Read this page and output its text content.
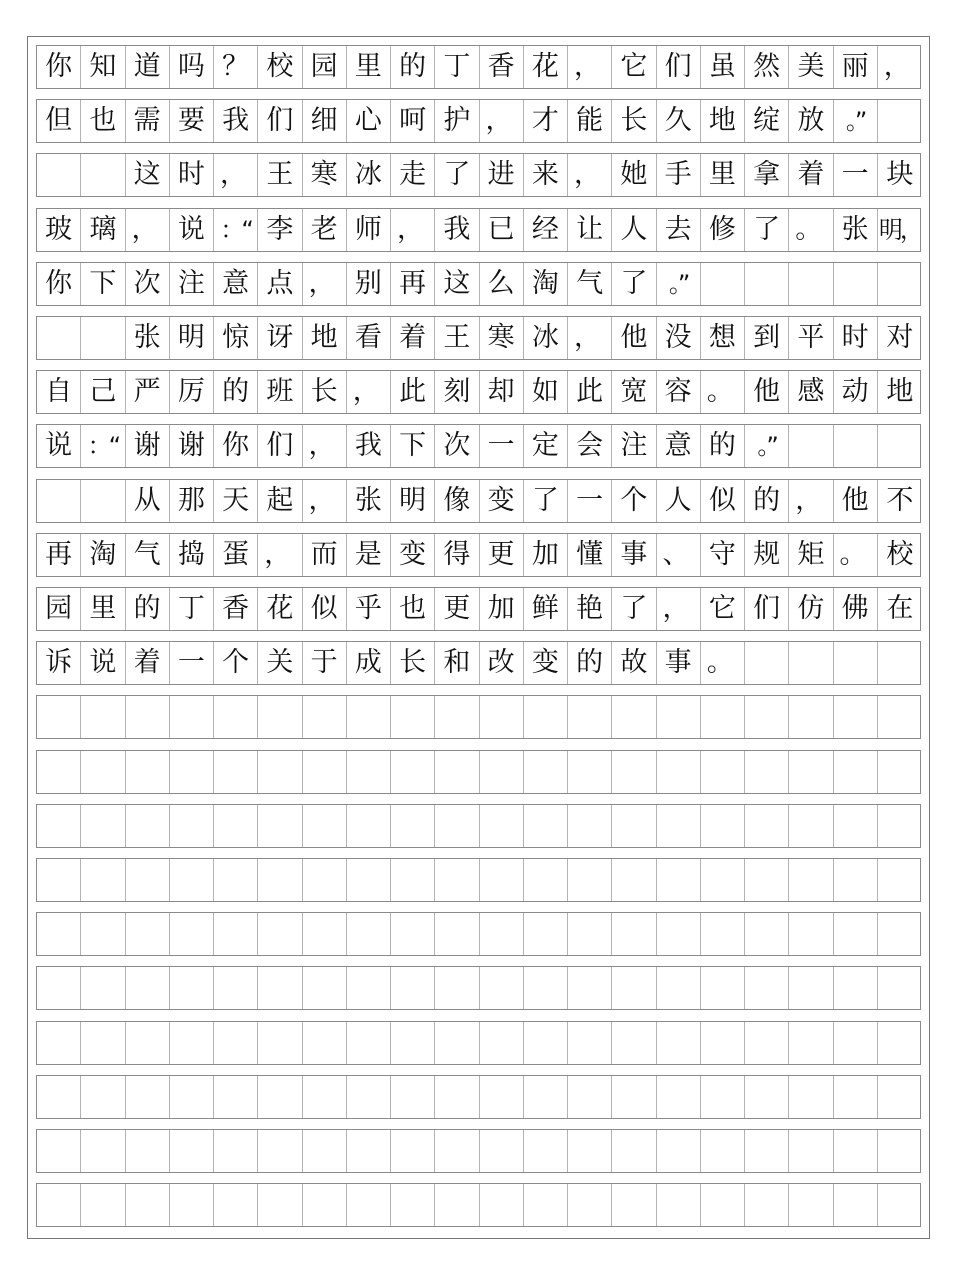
你 知 道 吗 ？ 校 园 里 的 丁 香 花 ， 它 们 虽 然 美 丽 ，
但 也 需 要 我 们 细 心 呵 护 ， 才 能 长 久 地 绽 放 。”
这 时 ， 王 寒 冰 走 了 进 来 ， 她 手 里 拿 着 一 块
玻 璃 ， 说 ：“ 李 老 师 ， 我 已 经 让 人 去 修 了 。 张 明，
你 下 次 注 意 点 ， 别 再 这 么 淘 气 了 。”
张 明 惊 讶 地 看 着 王 寒 冰 ， 他 没 想 到 平 时 对
自 己 严 厉 的 班 长 ， 此 刻 却 如 此 宽 容 。 他 感 动 地
说 ：“ 谢 谢 你 们 ， 我 下 次 一 定 会 注 意 的 。”
从 那 天 起 ， 张 明 像 变 了 一 个 人 似 的 ， 他 不
再 淘 气 捣 蛋 ， 而 是 变 得 更 加 懂 事 、 守 规 矩 。 校
园 里 的 丁 香 花 似 乎 也 更 加 鲜 艳 了 ， 它 们 仿 佛 在
诉 说 着 一 个 关 于 成 长 和 改 变 的 故 事 。
